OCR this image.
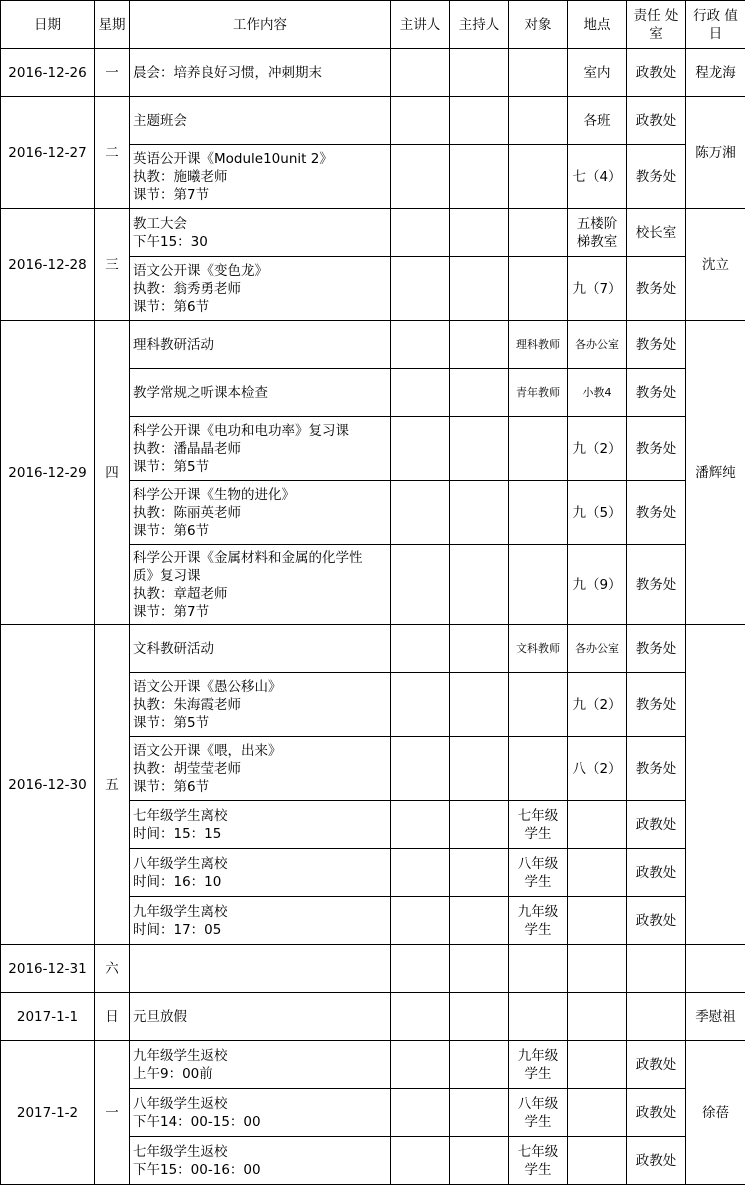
日期	星期	工作内容	主讲人	主持人	对象	地点	责任 处室	行政 值日
2016-12-26	一	晨会：培养良好习惯，冲刺期末				室内	政教处	程龙海
2016-12-27	二	主题班会				各班	政教处	陈万湘
		英语公开课《Module10unit 2》
执教：施曦老师
课节：第7节				七（4）	教务处	
2016-12-28	三	教工大会
下午15：30				五楼阶
梯教室	校长室	沈立
		语文公开课《变色龙》
执教：翁秀勇老师
课节：第6节				九（7）	教务处	
2016-12-29	四	理科教研活动			理科教师	各办公室	教务处	潘辉纯
		教学常规之听课本检查			青年教师	小教4	教务处	
		科学公开课《电功和电功率》复习课
执教：潘晶晶老师
课节：第5节				九（2）	教务处	
		科学公开课《生物的进化》
执教：陈丽英老师
课节：第6节				九（5）	教务处	
		科学公开课《金属材料和金属的化学性
质》复习课
执教：章超老师
课节：第7节				九（9）	教务处	
2016-12-30	五	文科教研活动			文科教师	各办公室	教务处	
		语文公开课《愚公移山》
执教：朱海霞老师
课节：第5节				九（2）	教务处	
		语文公开课《喂，出来》
执教：胡莹莹老师
课节：第6节				八（2）	教务处	
		七年级学生离校
时间：15：15			七年级
学生		政教处	
		八年级学生离校
时间：16：10			八年级
学生		政教处	
		九年级学生离校
时间：17：05			九年级
学生		政教处	
2016-12-31	六							
2017-1-1	日	元旦放假						季慰祖
2017-1-2	一	九年级学生返校
上午9：00前			九年级
学生		政教处	徐蓓
		八年级学生返校
下午14：00-15：00			八年级
学生		政教处	
		七年级学生返校
下午15：00-16：00			七年级
学生		政教处	
